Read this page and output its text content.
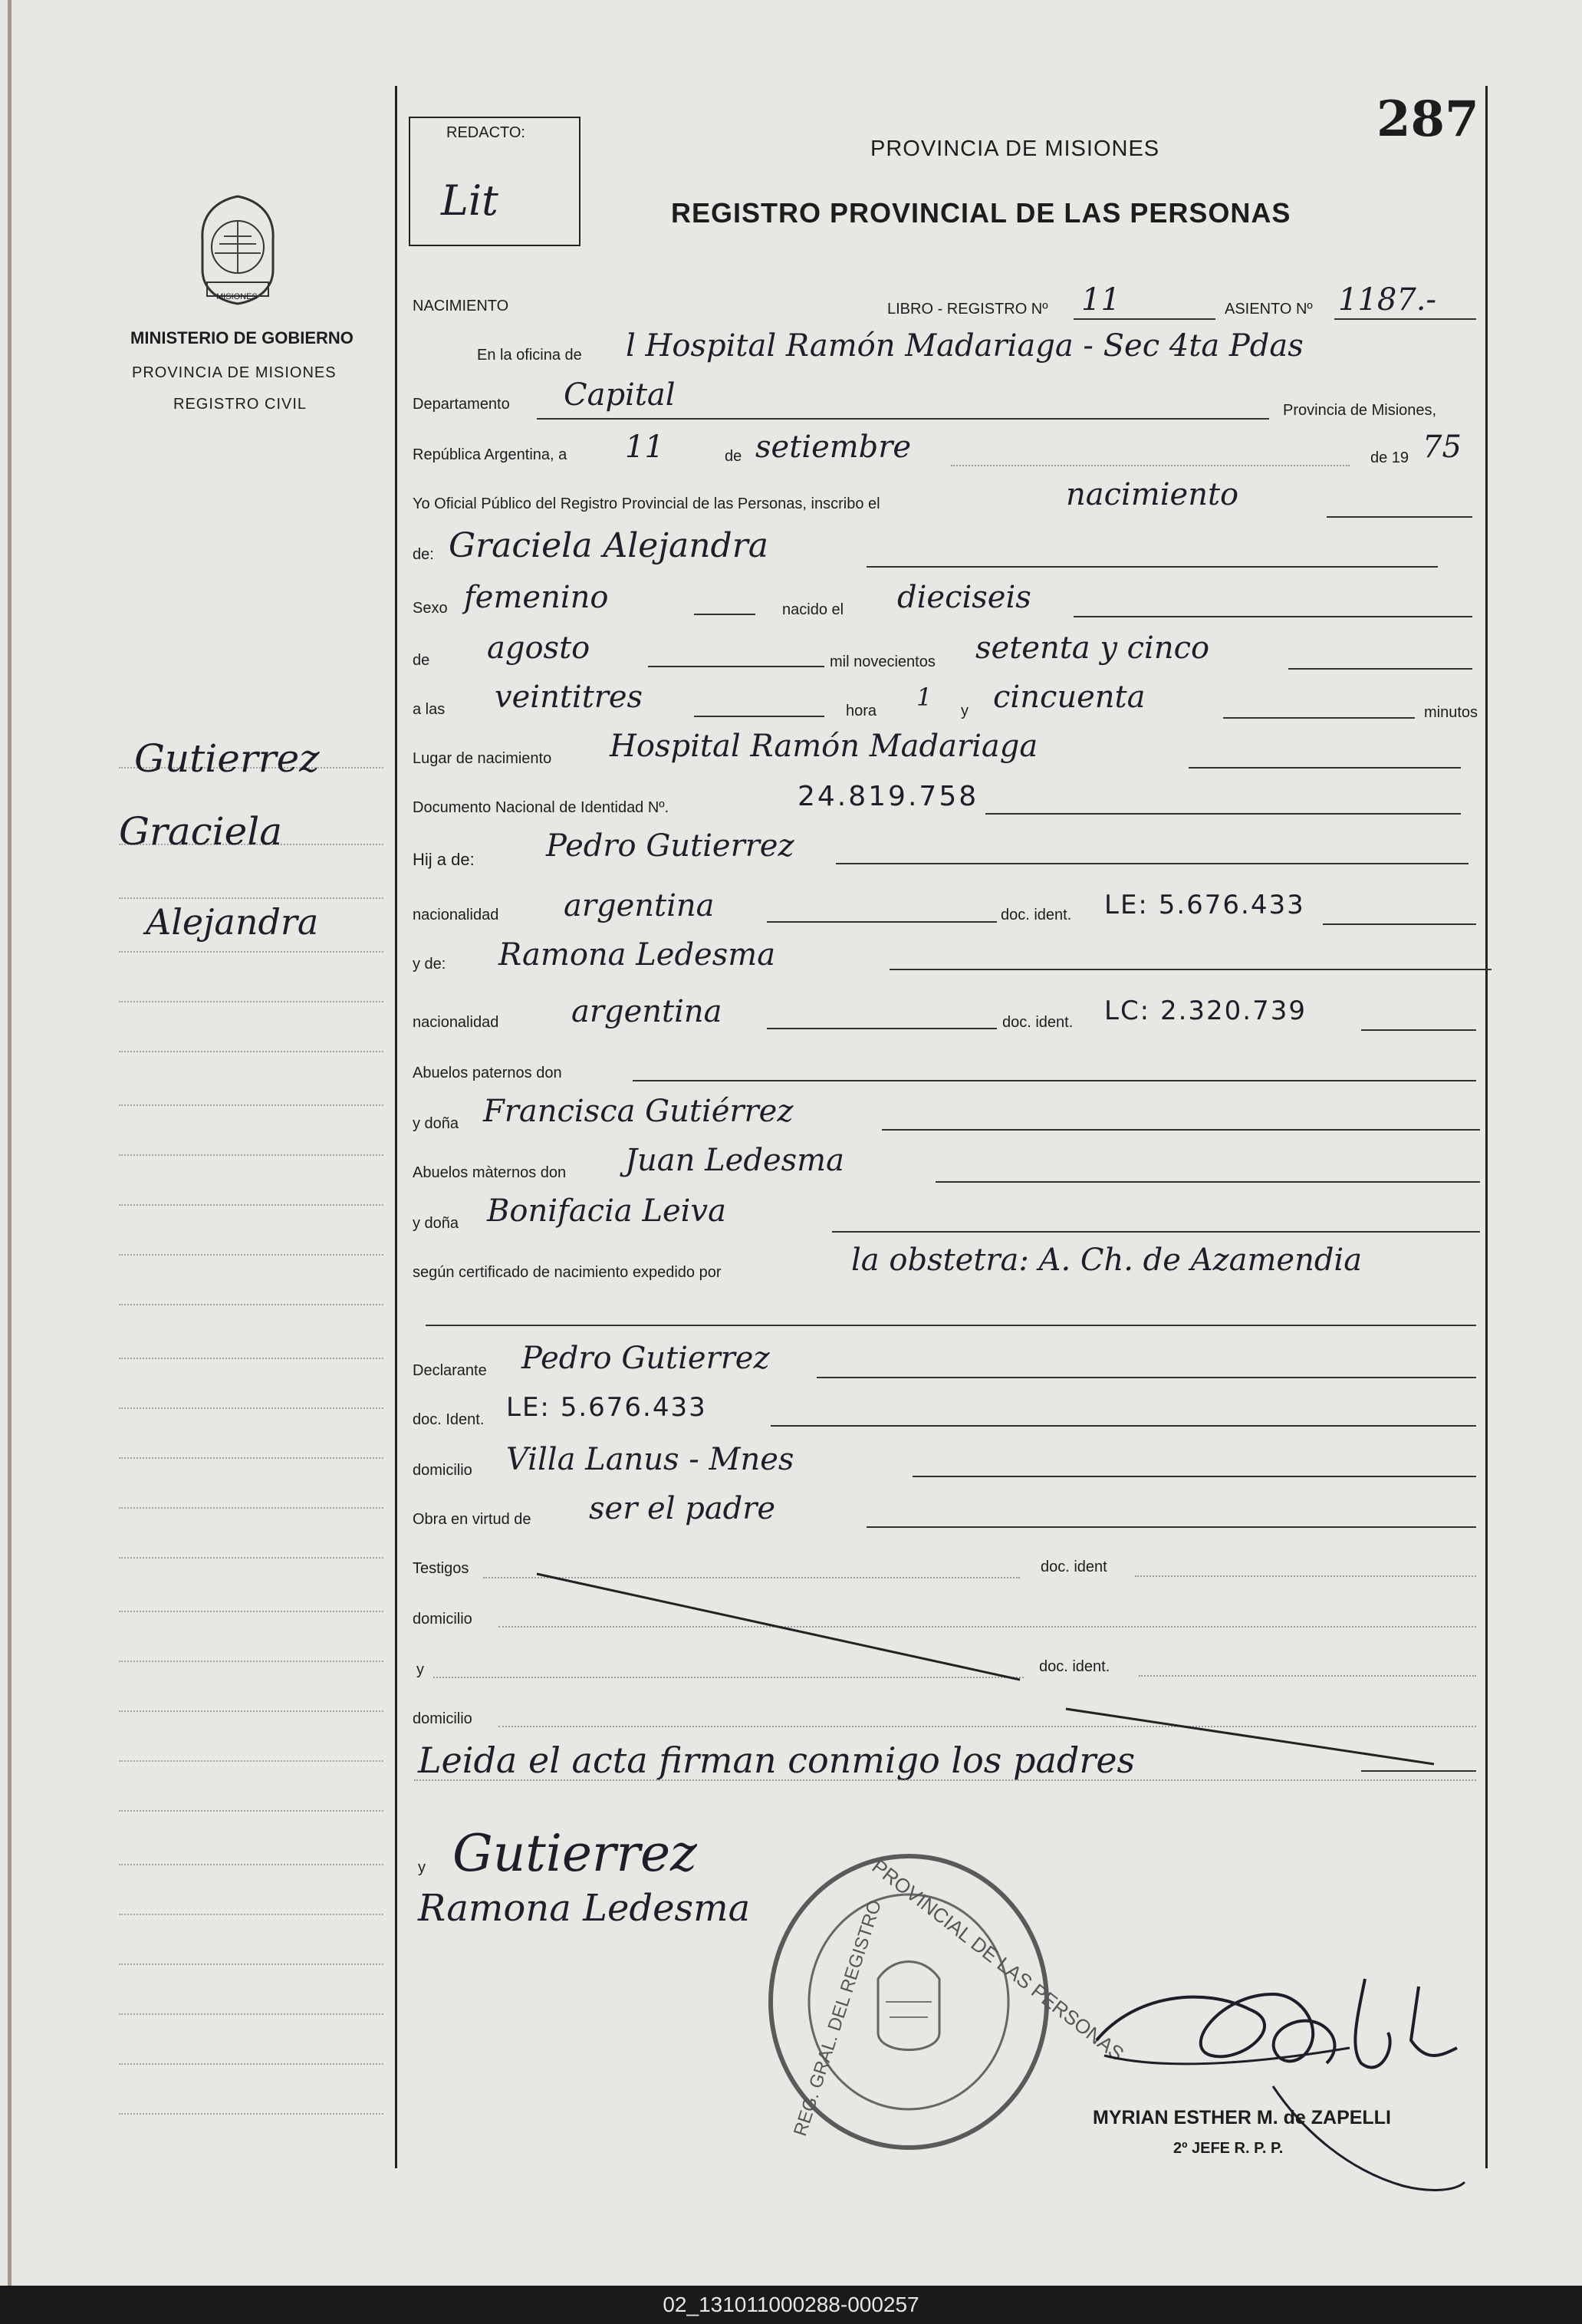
287
MISIONES
MINISTERIO DE GOBIERNO
PROVINCIA DE MISIONES
REGISTRO CIVIL
Gutierrez
Graciela
Alejandra
REDACTO:
Lit
PROVINCIA DE MISIONES
REGISTRO PROVINCIAL DE LAS PERSONAS
NACIMIENTO	LIBRO - REGISTRO Nº 11	ASIENTO Nº 1187.-
En la oficina de l Hospital Ramón Madariaga - Sec 4ta Pdas
Departamento Capital	Provincia de Misiones,
República Argentina, a 11	de setiembre	de 19 75
Yo Oficial Público del Registro Provincial de las Personas, inscribo el	nacimiento
de: Graciela Alejandra
Sexo femenino	nacido el dieciseis
de agosto	mil novecientos setenta y cinco
a las veintitres	hora 1 y cincuenta	minutos
Lugar de nacimiento Hospital Ramón Madariaga
Documento Nacional de Identidad Nº.	24.819.758
Hij a de: Pedro Gutierrez
nacionalidad argentina	doc. ident. LE: 5.676.433
y de: Ramona Ledesma
nacionalidad argentina	doc. ident. LC: 2.320.739
Abuelos paternos don
y doña Francisca Gutiérrez
Abuelos màternos don Juan Ledesma
y doña Bonifacia Leiva
según certificado de nacimiento expedido por	la obstetra: A. Ch. de Azamendia
Declarante Pedro Gutierrez
doc. Ident. LE: 5.676.433
domicilio Villa Lanus - Mnes
Obra en virtud de ser el padre
Testigos	doc. ident
domicilio
y	doc. ident.
domicilio
Leida el acta firman conmigo los padres
y Gutierrez
Ramona Ledesma	PROVINCIAL DE LAS PERSONAS
REG. GRAL. DEL REGISTRO	MYRIAN ESTHER M. de ZAPELLI
2º JEFE R. P. P.
02_131011000288-000257
